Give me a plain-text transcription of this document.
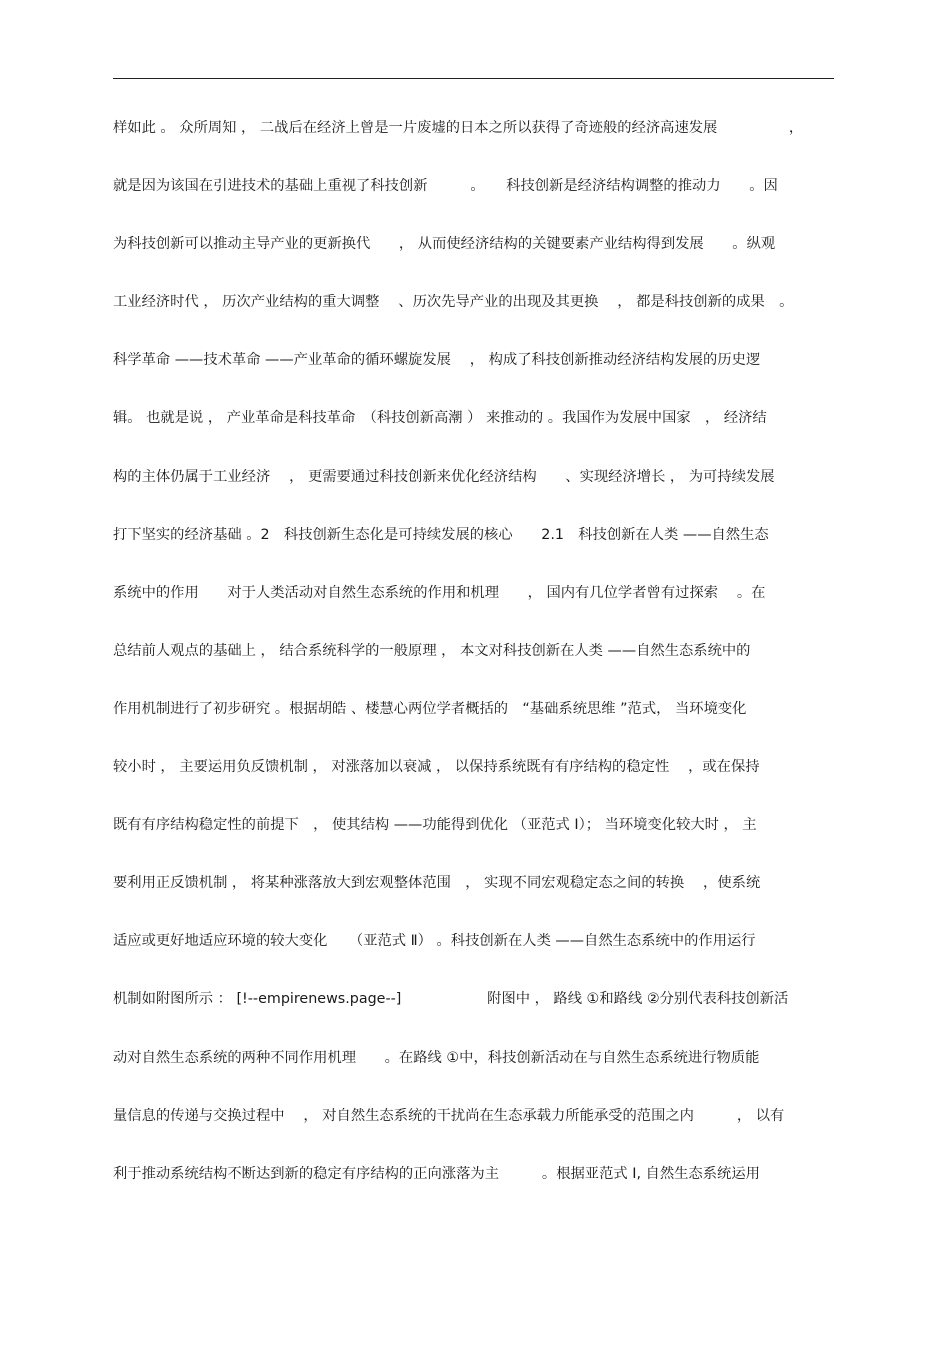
样如此 。 众所周知 ， 二战后在经济上曾是一片废墟的日本之所以获得了奇迹般的经济高速发展　　　　　，
就是因为该国在引进技术的基础上重视了科技创新　　　。　　科技创新是经济结构调整的推动力　　。因
为科技创新可以推动主导产业的更新换代　　， 从而使经济结构的关键要素产业结构得到发展　　。纵观
工业经济时代 ， 历次产业结构的重大调整　 、历次先导产业的出现及其更换　 ， 都是科技创新的成果　。
科学革命 ——技术革命 ——产业革命的循环螺旋发展　 ， 构成了科技创新推动经济结构发展的历史逻
辑。 也就是说 ， 产业革命是科技革命　（科技创新高潮 ） 来推动的 。我国作为发展中国家　， 经济结
构的主体仍属于工业经济　 ， 更需要通过科技创新来优化经济结构　　、实现经济增长 ， 为可持续发展
打下坚实的经济基础 。2　科技创新生态化是可持续发展的核心　　2.1　科技创新在人类 ——自然生态
系统中的作用　　对于人类活动对自然生态系统的作用和机理　　， 国内有几位学者曾有过探索　 。在
总结前人观点的基础上 ， 结合系统科学的一般原理 ， 本文对科技创新在人类 ——自然生态系统中的
作用机制进行了初步研究 。根据胡皓 、楼慧心两位学者概括的　“基础系统思维 ”范式， 当环境变化
较小时 ， 主要运用负反馈机制 ， 对涨落加以衰减 ， 以保持系统既有有序结构的稳定性　 ，或在保持
既有有序结构稳定性的前提下　， 使其结构 ——功能得到优化 （亚范式 Ⅰ）； 当环境变化较大时 ， 主
要利用正反馈机制 ， 将某种涨落放大到宏观整体范围　， 实现不同宏观稳定态之间的转换　 ，使系统
适应或更好地适应环境的较大变化　　（亚范式 Ⅱ） 。科技创新在人类 ——自然生态系统中的作用运行
机制如附图所示 ： [!--empirenews.page--]　　　　　　附图中 ， 路线 ①和路线 ②分别代表科技创新活
动对自然生态系统的两种不同作用机理　　。在路线 ①中，科技创新活动在与自然生态系统进行物质能
量信息的传递与交换过程中　 ， 对自然生态系统的干扰尚在生态承载力所能承受的范围之内　　　， 以有
利于推动系统结构不断达到新的稳定有序结构的正向涨落为主　　　。根据亚范式 Ⅰ, 自然生态系统运用
